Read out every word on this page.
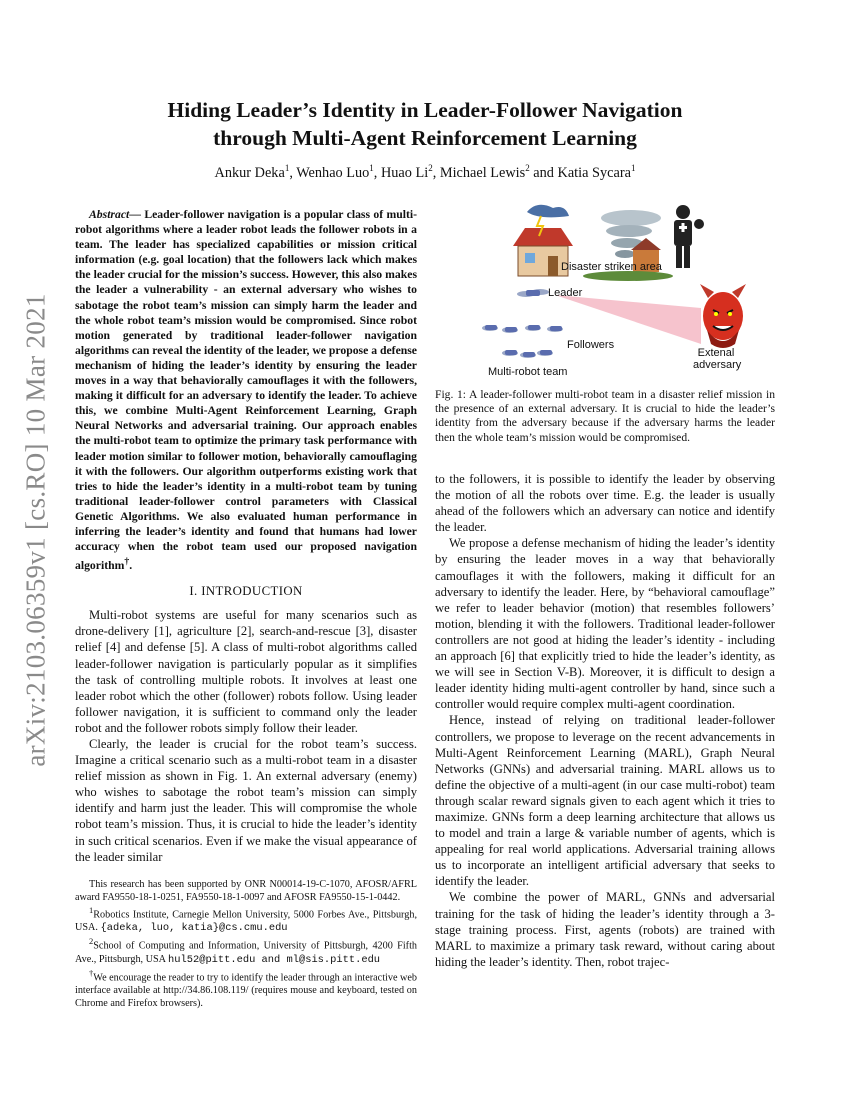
arXiv:2103.06359v1 [cs.RO] 10 Mar 2021
Hiding Leader’s Identity in Leader-Follower Navigation
through Multi-Agent Reinforcement Learning
Ankur Deka$^1$, Wenhao Luo$^1$, Huao Li$^2$, Michael Lewis$^2$ and Katia Sycara$^1$

Abstract— Leader-follower navigation is a popular class of multi-robot algorithms where a leader robot leads the follower robots in a team. The leader has specialized capabilities or mission critical information (e.g. goal location) that the followers lack which makes the leader crucial for the mission’s success. However, this also makes the leader a vulnerability - an external adversary who wishes to sabotage the robot team’s mission can simply harm the leader and the whole robot team’s mission would be compromised. Since robot motion generated by traditional leader-follower navigation algorithms can reveal the identity of the leader, we propose a defense mechanism of hiding the leader’s identity by ensuring the leader moves in a way that behaviorally camouflages it with the followers, making it difficult for an adversary to identify the leader. To achieve this, we combine Multi-Agent Reinforcement Learning, Graph Neural Networks and adversarial training. Our approach enables the multi-robot team to optimize the primary task performance with leader motion similar to follower motion, behaviorally camouflaging it with the followers. Our algorithm outperforms existing work that tries to hide the leader’s identity in a multi-robot team by tuning traditional leader-follower control parameters with Classical Genetic Algorithms. We also evaluated human performance in inferring the leader’s identity and found that humans had lower accuracy when the robot team used our proposed navigation algorithm†.

I. INTRODUCTION

Multi-robot systems are useful for many scenarios such as drone-delivery [1], agriculture [2], search-and-rescue [3], disaster relief [4] and defense [5]. A class of multi-robot algorithms called leader-follower navigation is particularly popular as it simplifies the task of controlling multiple robots. It involves at least one leader robot which the other (follower) robots follow. Using leader follower navigation, it is sufficient to command only the leader robot and the follower robots simply follow their leader.

Clearly, the leader is crucial for the robot team’s success. Imagine a critical scenario such as a multi-robot team in a disaster relief mission as shown in Fig. 1. An external adversary (enemy) who wishes to sabotage the robot team’s mission can simply identify and harm just the leader. This will compromise the whole robot team’s mission. Thus, it is crucial to hide the leader’s identity in such critical scenarios. Even if we make the visual appearance of the leader similar

This research has been supported by ONR N00014-19-C-1070, AFOSR/AFRL award FA9550-18-1-0251, FA9550-18-1-0097 and AFOSR FA9550-15-1-0442.

$^1$Robotics Institute, Carnegie Mellon University, 5000 Forbes Ave., Pittsburgh, USA. {adeka, luo, katia}@cs.cmu.edu

$^2$School of Computing and Information, University of Pittsburgh, 4200 Fifth Ave., Pittsburgh, USA hul52@pitt.edu and ml@sis.pitt.edu

†We encourage the reader to try to identify the leader through an interactive web interface available at http://34.86.108.119/ (requires mouse and keyboard, tested on Chrome and Firefox browsers).

Disaster striken area
Leader
Followers
Multi-robot team
Extenal
adversary
Fig. 1: A leader-follower multi-robot team in a disaster relief mission in the presence of an external adversary. It is crucial to hide the leader’s identity from the adversary because if the adversary harms the leader then the whole team’s mission would be compromised.

to the followers, it is possible to identify the leader by observing the motion of all the robots over time. E.g. the leader is usually ahead of the followers which an adversary can notice and identify the leader.

We propose a defense mechanism of hiding the leader’s identity by ensuring the leader moves in a way that behaviorally camouflages it with the followers, making it difficult for an adversary to identify the leader. Here, by “behavioral camouflage” we refer to leader behavior (motion) that resembles followers’ motion, blending it with the followers. Traditional leader-follower controllers are not good at hiding the leader’s identity - including an approach [6] that explicitly tried to hide the leader’s identity, as we will see in Section V-B). Moreover, it is difficult to design a leader identity hiding multi-agent controller by hand, since such a controller would require complex multi-agent coordination.

Hence, instead of relying on traditional leader-follower controllers, we propose to leverage on the recent advancements in Multi-Agent Reinforcement Learning (MARL), Graph Neural Networks (GNNs) and adversarial training. MARL allows us to define the objective of a multi-agent (in our case multi-robot) team through scalar reward signals given to each agent which it tries to maximize. GNNs form a deep learning architecture that allows us to model and train a large & variable number of agents, which is appealing for real world applications. Adversarial training allows us to incorporate an intelligent artificial adversary that seeks to identify the leader.

We combine the power of MARL, GNNs and adversarial training for the task of hiding the leader’s identity through a 3-stage training process. First, agents (robots) are trained with MARL to maximize a primary task reward, without caring about hiding the leader’s identity. Then, robot trajec-
